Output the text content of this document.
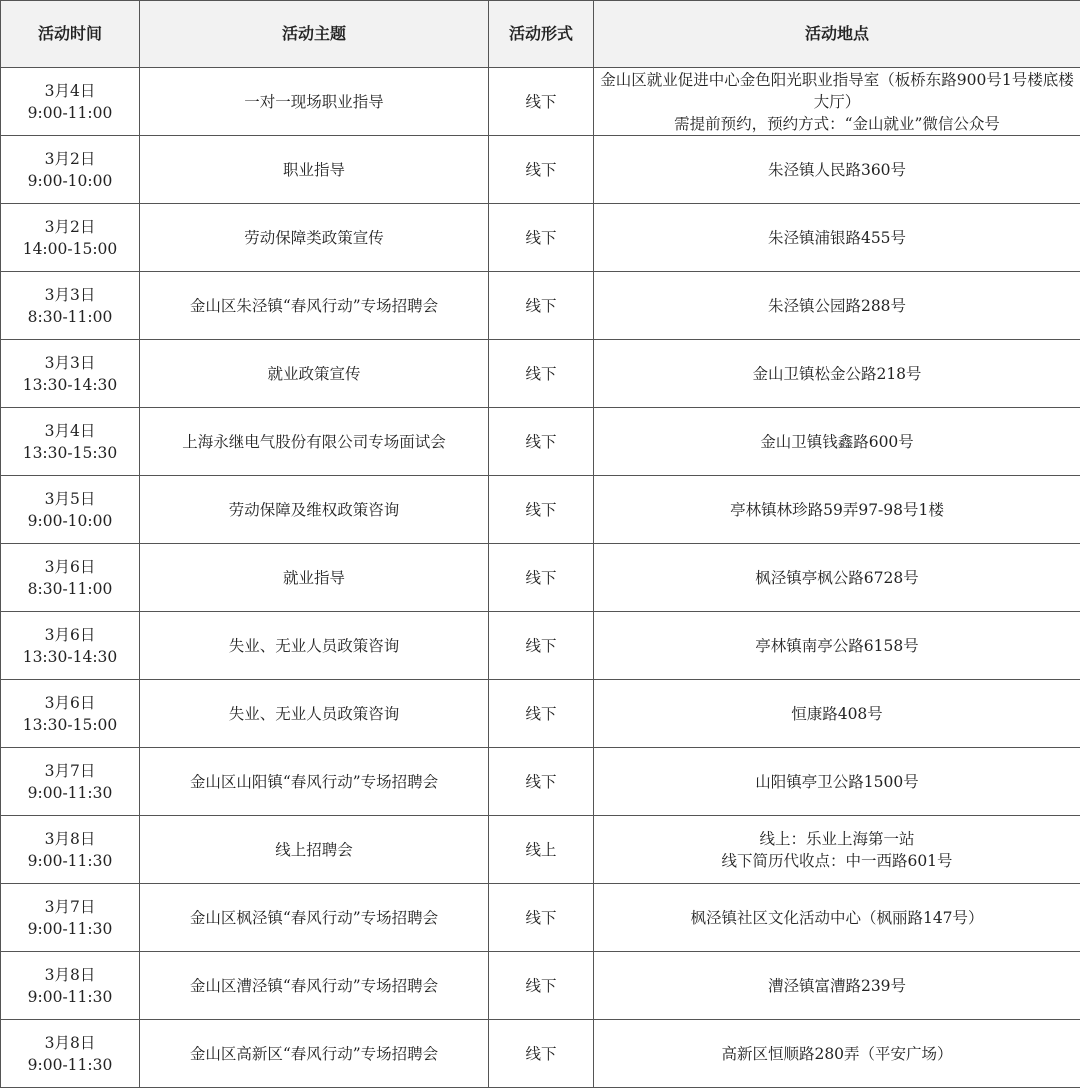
活动时间	活动主题	活动形式	活动地点

3月4日
9:00-11:00	一对一现场职业指导	线下	金山区就业促进中心金色阳光职业指导室（板桥东路900号1号楼底楼大厅）
需提前预约，预约方式：“金山就业”微信公众号

3月2日
9:00-10:00	职业指导	线下	朱泾镇人民路360号

3月2日
14:00-15:00	劳动保障类政策宣传	线下	朱泾镇浦银路455号

3月3日
8:30-11:00	金山区朱泾镇“春风行动”专场招聘会	线下	朱泾镇公园路288号

3月3日
13:30-14:30	就业政策宣传	线下	金山卫镇松金公路218号

3月4日
13:30-15:30	上海永继电气股份有限公司专场面试会	线下	金山卫镇钱鑫路600号

3月5日
9:00-10:00	劳动保障及维权政策咨询	线下	亭林镇林珍路59弄97-98号1楼

3月6日
8:30-11:00	就业指导	线下	枫泾镇亭枫公路6728号

3月6日
13:30-14:30	失业、无业人员政策咨询	线下	亭林镇南亭公路6158号

3月6日
13:30-15:00	失业、无业人员政策咨询	线下	恒康路408号

3月7日
9:00-11:30	金山区山阳镇“春风行动”专场招聘会	线下	山阳镇亭卫公路1500号

3月8日
9:00-11:30	线上招聘会	线上	线上：乐业上海第一站
线下简历代收点：中一西路601号

3月7日
9:00-11:30	金山区枫泾镇“春风行动”专场招聘会	线下	枫泾镇社区文化活动中心（枫丽路147号）

3月8日
9:00-11:30	金山区漕泾镇“春风行动”专场招聘会	线下	漕泾镇富漕路239号

3月8日
9:00-11:30	金山区高新区“春风行动”专场招聘会	线下	高新区恒顺路280弄（平安广场）
